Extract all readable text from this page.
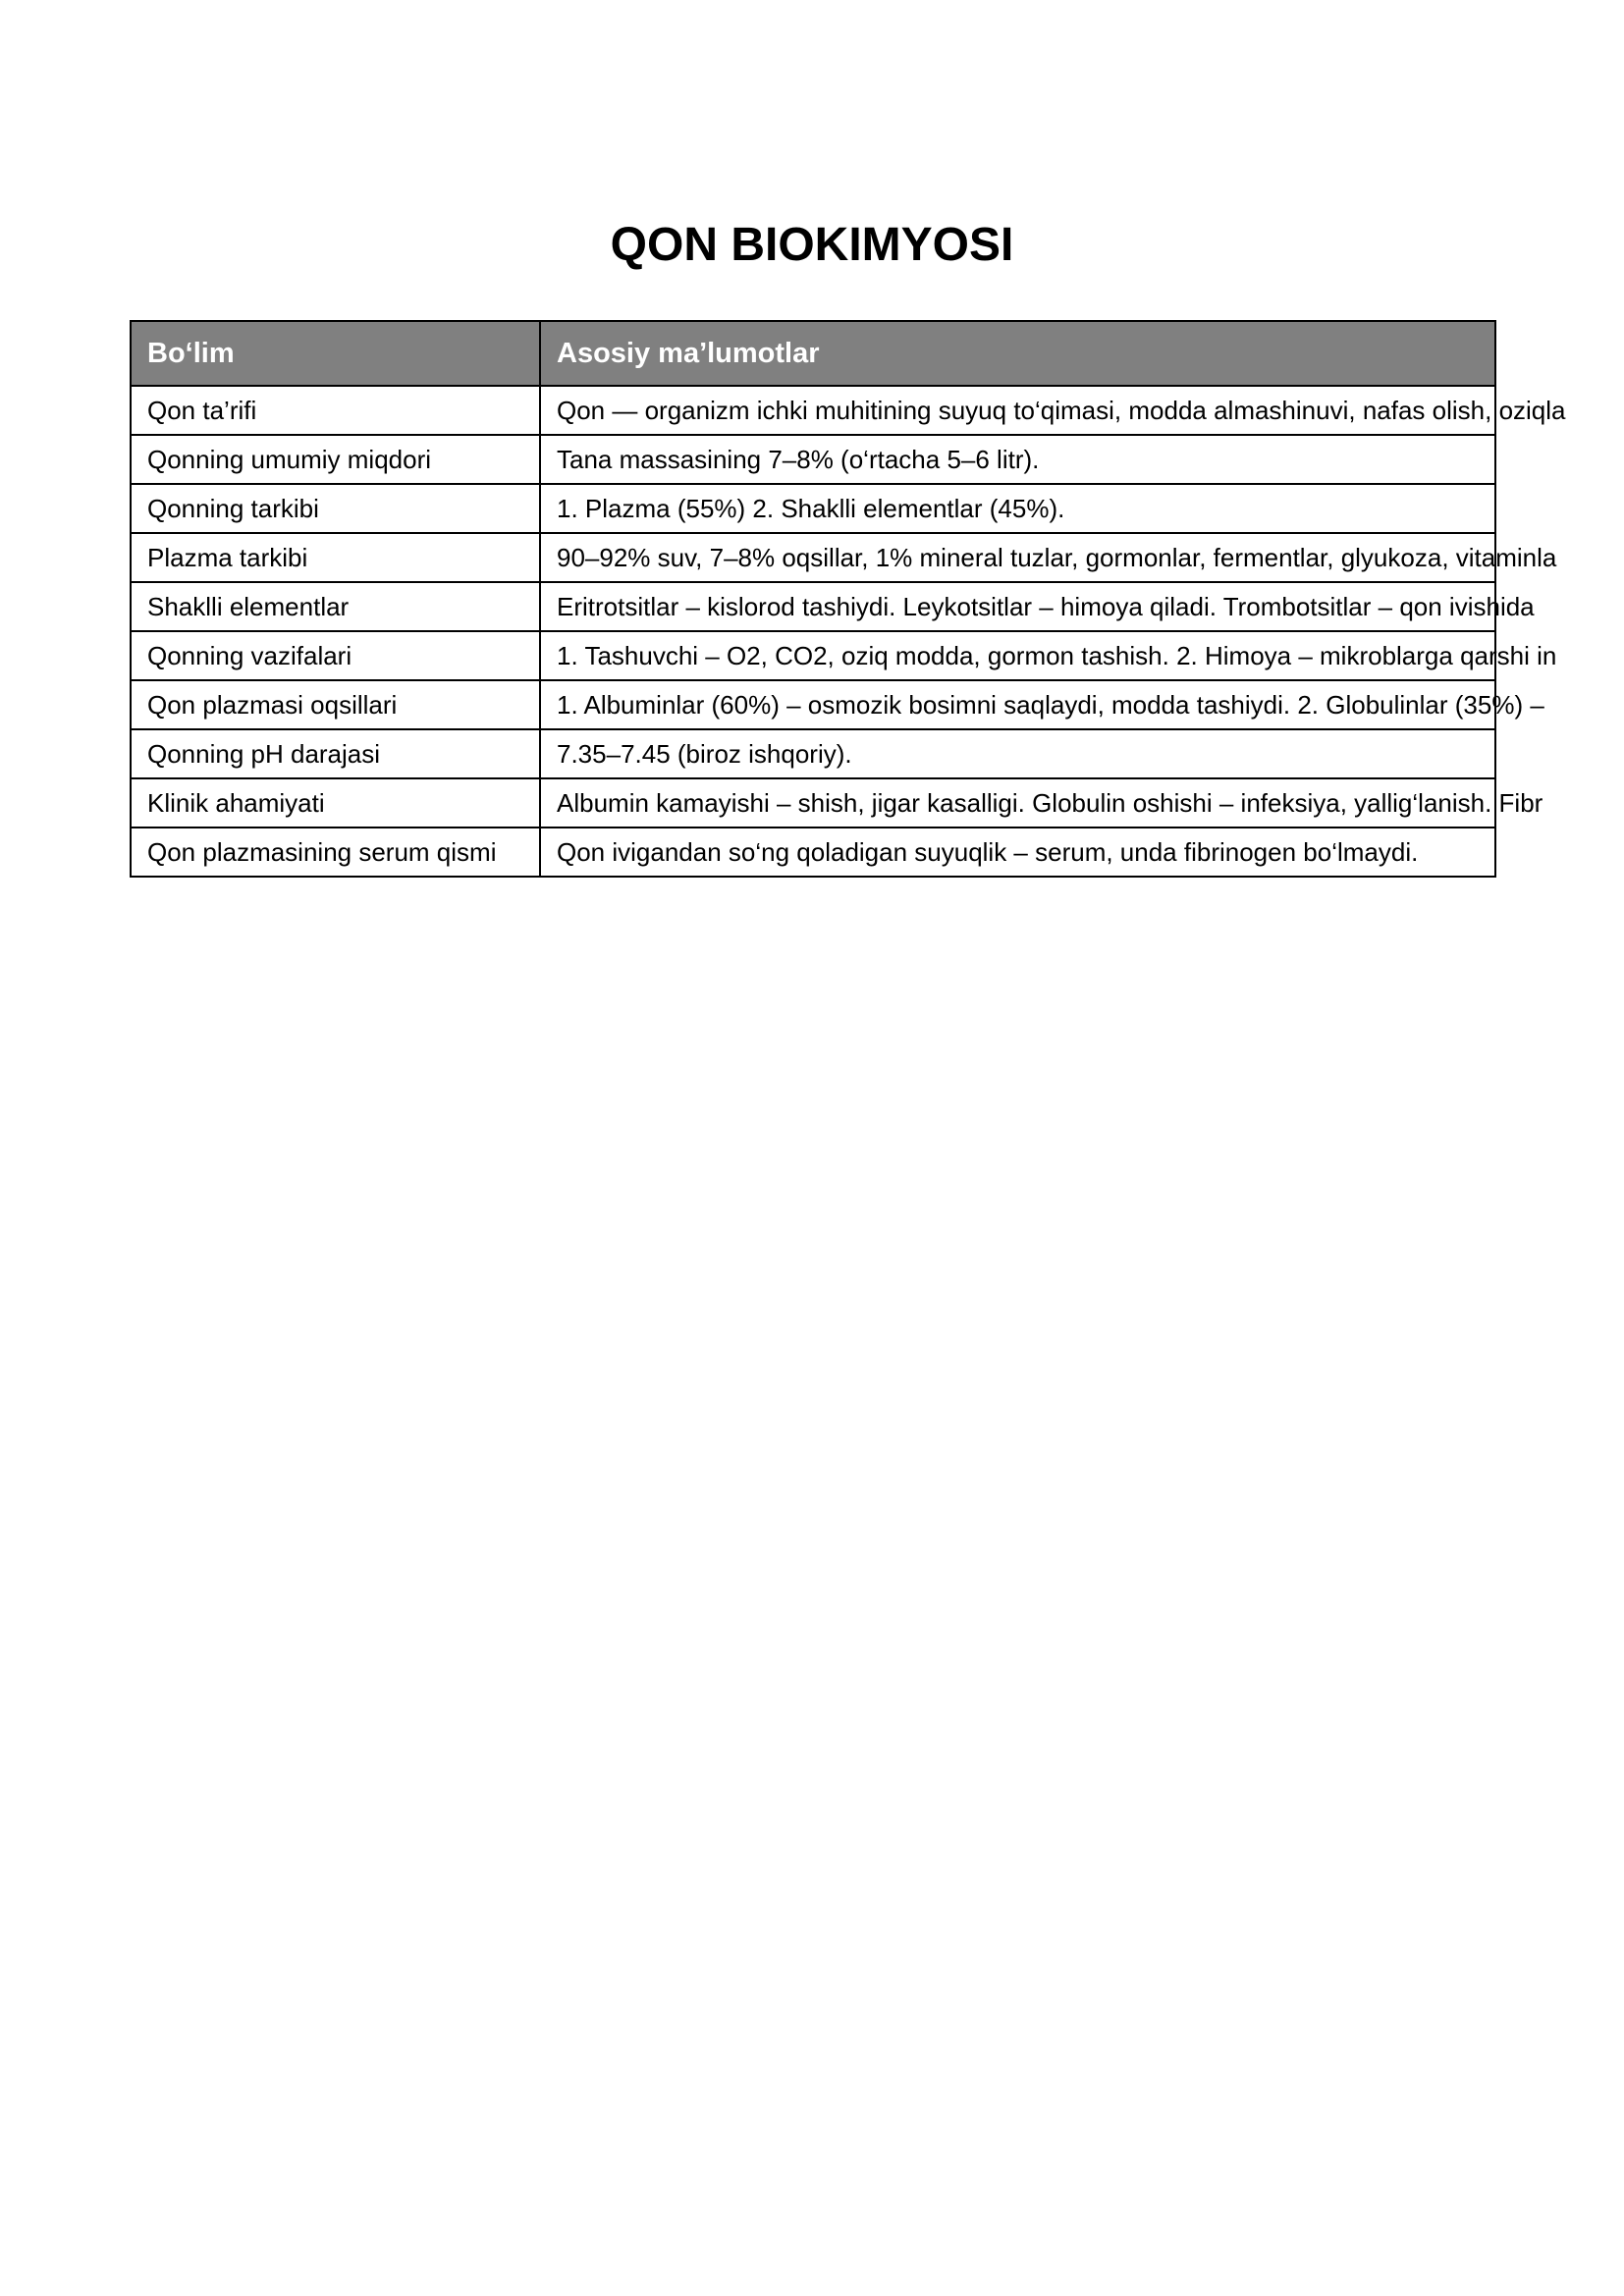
QON BIOKIMYOSI
Bo‘lim	Asosiy ma’lumotlar
Qon ta’rifi	Qon — organizm ichki muhitining suyuq to‘qimasi, modda almashinuvi, nafas olish, oziqla
Qonning umumiy miqdori	Tana massasining 7–8% (o‘rtacha 5–6 litr).
Qonning tarkibi	1. Plazma (55%) 2. Shaklli elementlar (45%).
Plazma tarkibi	90–92% suv, 7–8% oqsillar, 1% mineral tuzlar, gormonlar, fermentlar, glyukoza, vitaminla
Shaklli elementlar	Eritrotsitlar – kislorod tashiydi. Leykotsitlar – himoya qiladi. Trombotsitlar – qon ivishida
Qonning vazifalari	1. Tashuvchi – O2, CO2, oziq modda, gormon tashish. 2. Himoya – mikroblarga qarshi in
Qon plazmasi oqsillari	1. Albuminlar (60%) – osmozik bosimni saqlaydi, modda tashiydi. 2. Globulinlar (35%) –
Qonning pH darajasi	7.35–7.45 (biroz ishqoriy).
Klinik ahamiyati	Albumin kamayishi – shish, jigar kasalligi. Globulin oshishi – infeksiya, yallig‘lanish. Fibr
Qon plazmasining serum qismi	Qon ivigandan so‘ng qoladigan suyuqlik – serum, unda fibrinogen bo‘lmaydi.
